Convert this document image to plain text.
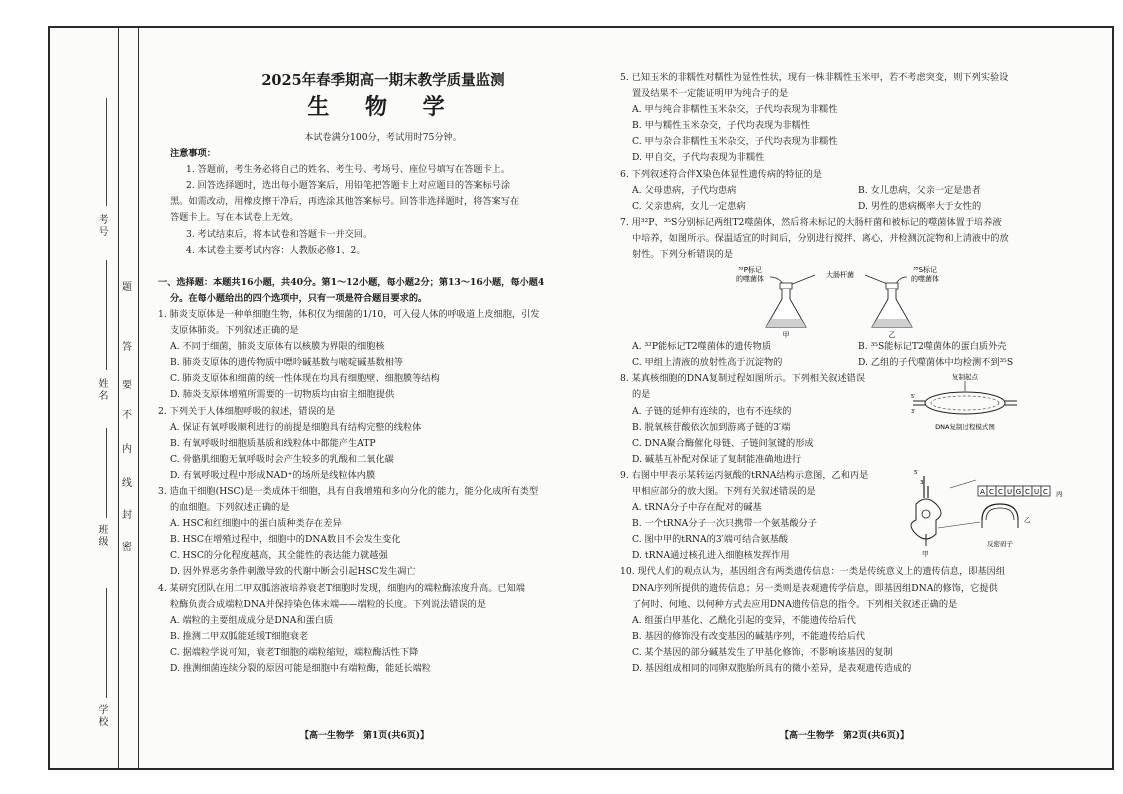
考号
姓名
班级
学校
题
答
要
不
内
线
封
密
2025年春季期高一期末教学质量监测
生 物 学

本试卷满分100分，考试用时75分钟。

注意事项：

1. 答题前，考生务必将自己的姓名、考生号、考场号、座位号填写在答题卡上。

2. 回答选择题时，选出每小题答案后，用铅笔把答题卡上对应题目的答案标号涂

黑。如需改动，用橡皮擦干净后，再选涂其他答案标号。回答非选择题时，将答案写在

答题卡上。写在本试卷上无效。

3. 考试结束后，将本试卷和答题卡一并交回。

4. 本试卷主要考试内容：人教版必修1、2。

一、选择题：本题共16小题，共40分。第1～12小题，每小题2分；第13～16小题，每小题4

分。在每小题给出的四个选项中，只有一项是符合题目要求的。

1. 肺炎支原体是一种单细胞生物，体积仅为细菌的1/10，可入侵人体的呼吸道上皮细胞，引发

支原体肺炎。下列叙述正确的是

A. 不同于细菌，肺炎支原体有以核膜为界限的细胞核

B. 肺炎支原体的遗传物质中嘌呤碱基数与嘧啶碱基数相等

C. 肺炎支原体和细菌的统一性体现在均具有细胞壁、细胞膜等结构

D. 肺炎支原体增殖所需要的一切物质均由宿主细胞提供

2. 下列关于人体细胞呼吸的叙述，错误的是

A. 保证有氧呼吸顺利进行的前提是细胞具有结构完整的线粒体

B. 有氧呼吸时细胞质基质和线粒体中都能产生ATP

C. 骨骼肌细胞无氧呼吸时会产生较多的乳酸和二氧化碳

D. 有氧呼吸过程中形成NAD⁺的场所是线粒体内膜

3. 造血干细胞(HSC)是一类成体干细胞，具有自我增殖和多向分化的能力，能分化成所有类型

的血细胞。下列叙述正确的是

A. HSC和红细胞中的蛋白质种类存在差异

B. HSC在增殖过程中，细胞中的DNA数目不会发生变化

C. HSC的分化程度越高，其全能性的表达能力就越强

D. 因外界恶劣条件刺激导致的代谢中断会引起HSC发生凋亡

4. 某研究团队在用二甲双胍溶液培养衰老T细胞时发现，细胞内的端粒酶浓度升高。已知端

粒酶负责合成端粒DNA并保持染色体末端——端粒的长度。下列说法错误的是

A. 端粒的主要组成成分是DNA和蛋白质

B. 推测二甲双胍能延缓T细胞衰老

C. 据端粒学说可知，衰老T细胞的端粒缩短，端粒酶活性下降

D. 推测细菌连续分裂的原因可能是细胞中有端粒酶，能延长端粒

【高一生物学　第1页(共6页)】

5. 已知玉米的非糯性对糯性为显性性状，现有一株非糯性玉米甲，若不考虑突变，则下列实验设

置及结果不一定能证明甲为纯合子的是

A. 甲与纯合非糯性玉米杂交，子代均表现为非糯性

B. 甲与糯性玉米杂交，子代均表现为非糯性

C. 甲与杂合非糯性玉米杂交，子代均表现为非糯性

D. 甲自交，子代均表现为非糯性

6. 下列叙述符合伴X染色体显性遗传病的特征的是

A. 父母患病，子代均患病	B. 女儿患病，父亲一定是患者

C. 父亲患病，女儿一定患病	D. 男性的患病概率大于女性的

7. 用³²P、³⁵S分别标记两组T2噬菌体，然后将未标记的大肠杆菌和被标记的噬菌体置于培养液

中培养，如图所示。保温适宜的时间后，分别进行搅拌、离心，并检测沉淀物和上清液中的放

射性。下列分析错误的是

³²P标记
的噬菌体	大肠杆菌
³⁵S标记
的噬菌体
甲	乙

A. ³²P能标记T2噬菌体的遗传物质	B. ³⁵S能标记T2噬菌体的蛋白质外壳

C. 甲组上清液的放射性高于沉淀物的	D. 乙组的子代噬菌体中均检测不到³⁵S

8. 某真核细胞的DNA复制过程如图所示。下列相关叙述错误

的是

A. 子链的延伸有连续的，也有不连续的

B. 脱氧核苷酸依次加到游离子链的3′端

C. DNA聚合酶催化母链、子链间氢键的形成

D. 碱基互补配对保证了复制能准确地进行

复制起点
5′
3′
DNA复制过程模式图

9. 右图中甲表示某转运丙氨酸的tRNA结构示意图，乙和丙是

甲相应部分的放大图。下列有关叙述错误的是

A. tRNA分子中存在配对的碱基

B. 一个tRNA分子一次只携带一个氨基酸分子

C. 图中甲的tRNA的3′端可结合氨基酸

D. tRNA通过核孔进入细胞核发挥作用

5′
3′
甲
A C C U G C U C 丙
乙
反密码子

10. 现代人们的观点认为，基因组含有两类遗传信息：一类是传统意义上的遗传信息，即基因组

DNA序列所提供的遗传信息；另一类则是表观遗传学信息，即基因组DNA的修饰，它提供

了何时、何地、以何种方式去应用DNA遗传信息的指令。下列相关叙述正确的是

A. 组蛋白甲基化、乙酰化引起的变异，不能遗传给后代

B. 基因的修饰没有改变基因的碱基序列，不能遗传给后代

C. 某个基因的部分碱基发生了甲基化修饰，不影响该基因的复制

D. 基因组成相同的同卵双胞胎所具有的微小差异，是表观遗传造成的

【高一生物学　第2页(共6页)】
